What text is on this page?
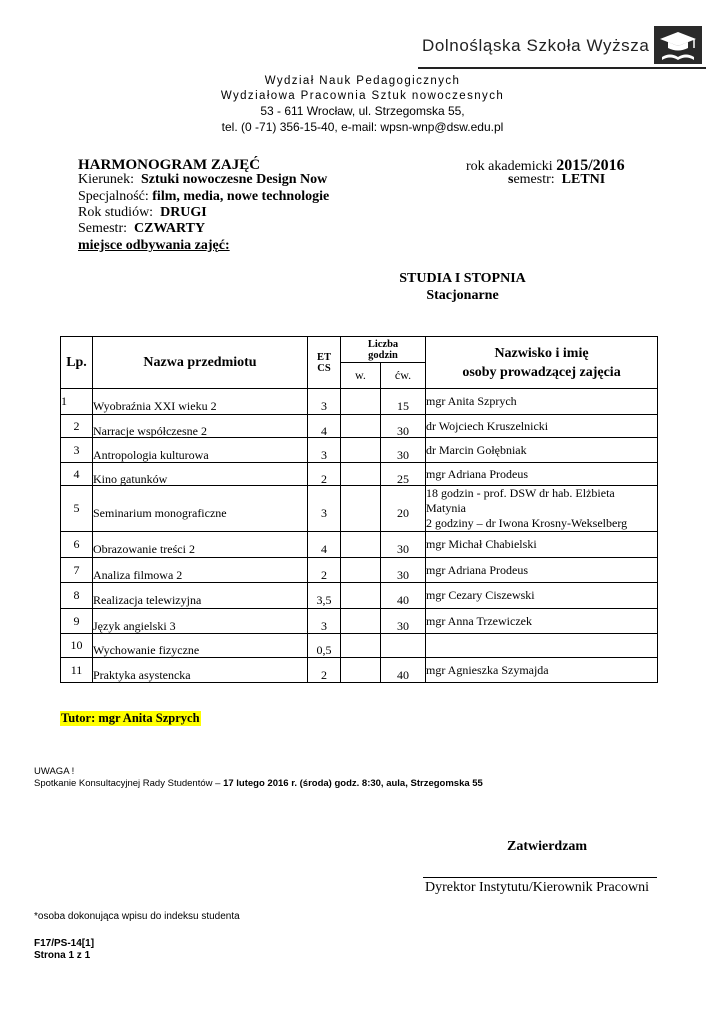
Dolnośląska Szkoła Wyższa
Wydział Nauk Pedagogicznych
Wydziałowa Pracownia Sztuk nowoczesnych
53 - 611 Wrocław, ul. Strzegomska 55,
tel. (0 -71) 356-15-40, e-mail: wpsn-wnp@dsw.edu.pl
HARMONOGRAM ZAJĘĆ	rok akademicki 2015/2016
Kierunek: Sztuki nowoczesne Design Now	semestr: LETNI
Specjalność: film, media, nowe technologie
Rok studiów: DRUGI
Semestr: CZWARTY
miejsce odbywania zajęć:
STUDIA I STOPNIA
Stacjonarne
Lp.	Nazwa przedmiotu	ET
CS	Liczba
godzin		Nazwisko i imię
osoby prowadzącej zajęcia
			w.	ćw.	
1	Wyobraźnia XXI wieku 2	3		15	mgr Anita Szprych

2	Narracje współczesne 2	4		30	dr Wojciech Kruszelnicki

3	Antropologia kulturowa	3		30	dr Marcin Gołębniak

4	Kino gatunków	2		25	mgr Adriana Prodeus

5	Seminarium monograficzne	3		20	18 godzin - prof. DSW dr hab. Elżbieta
Matynia
2 godziny – dr Iwona Krosny-Wekselberg

6	Obrazowanie treści 2	4		30	mgr Michał Chabielski

7	Analiza filmowa 2	2		30	mgr Adriana Prodeus

8	Realizacja telewizyjna	3,5		40	mgr Cezary Ciszewski

9	Język angielski 3	3		30	mgr Anna Trzewiczek

10	Wychowanie fizyczne	0,5			

11	Praktyka asystencka	2		40	mgr Agnieszka Szymajda
Tutor: mgr Anita Szprych
UWAGA !
Spotkanie Konsultacyjnej Rady Studentów – 17 lutego 2016 r. (środa) godz. 8:30, aula, Strzegomska 55
Zatwierdzam
Dyrektor Instytutu/Kierownik Pracowni
*osoba dokonująca wpisu do indeksu studenta
F17/PS-14[1]
Strona 1 z 1
